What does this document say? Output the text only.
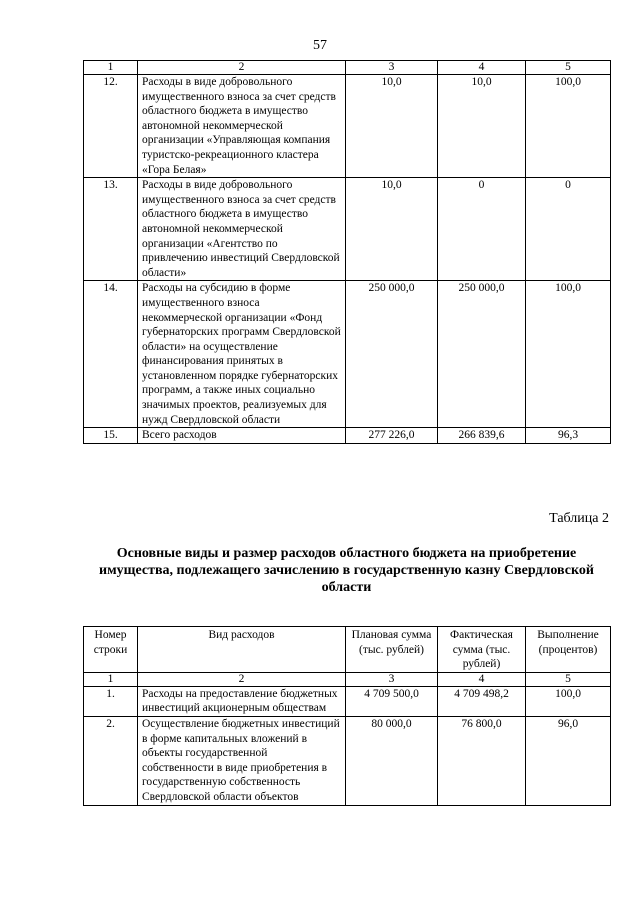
57
1	2	3	4	5
12.	Расходы в виде добровольного имущественного взноса за счет средств областного бюджета в имущество автономной некоммерческой организации «Управляющая компания туристско-рекреационного кластера «Гора Белая»	10,0	10,0	100,0
13.	Расходы в виде добровольного имущественного взноса за счет средств областного бюджета в имущество автономной некоммерческой организации «Агентство по привлечению инвестиций Свердловской области»	10,0	0	0
14.	Расходы на субсидию в форме имущественного взноса некоммерческой организации «Фонд губернаторских программ Свердловской области» на осуществление финансирования принятых в установленном порядке губернаторских программ, а также иных социально значимых проектов, реализуемых для нужд Свердловской области	250 000,0	250 000,0	100,0
15.	Всего расходов	277 226,0	266 839,6	96,3
Таблица 2
Основные виды и размер расходов областного бюджета на приобретение имущества, подлежащего зачислению в государственную казну Свердловской области
Номер строки	Вид расходов	Плановая сумма (тыс. рублей)	Фактическая сумма (тыс. рублей)	Выполнение (процентов)
1	2	3	4	5
1.	Расходы на предоставление бюджетных инвестиций акционерным обществам	4 709 500,0	4 709 498,2	100,0
2.	Осуществление бюджетных инвестиций в форме капитальных вложений в объекты государственной собственности в виде приобретения в государственную собственность Свердловской области объектов	80 000,0	76 800,0	96,0
